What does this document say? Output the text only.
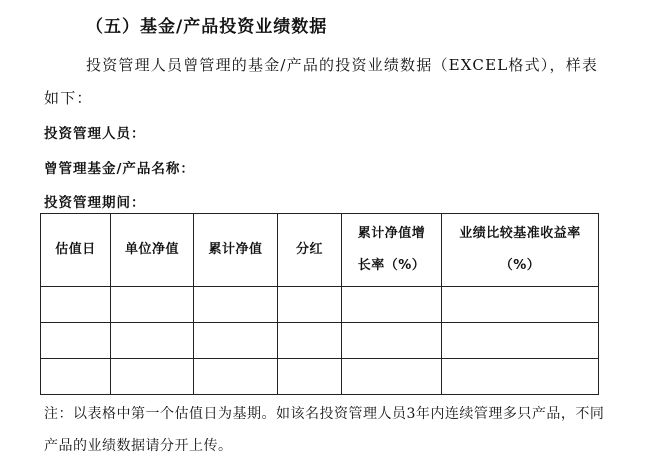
（五）基金/产品投资业绩数据
投资管理人员曾管理的基金/产品的投资业绩数据（EXCEL格式），样表如下：
投资管理人员：
曾管理基金/产品名称：
投资管理期间：
估值日	单位净值	累计净值	分红	累计净值增长率（%）	业绩比较基准收益率（%）

注：以表格中第一个估值日为基期。如该名投资管理人员3年内连续管理多只产品，不同产品的业绩数据请分开上传。
